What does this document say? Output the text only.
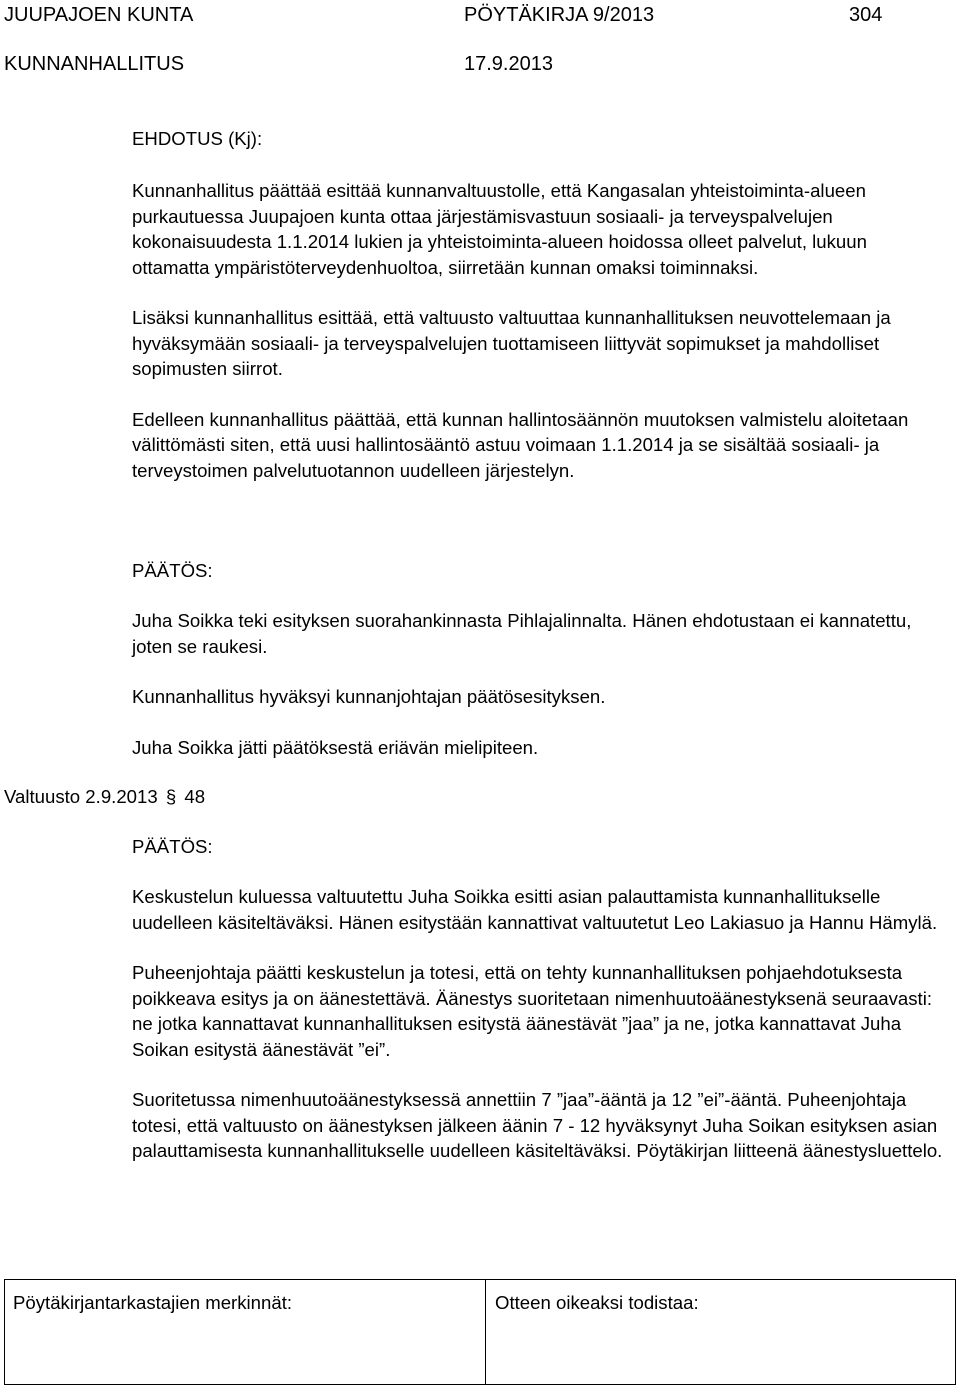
JUUPAJOEN KUNTA	PÖYTÄKIRJA 9/2013	304
KUNNANHALLITUS	17.9.2013
EHDOTUS (Kj):

Kunnanhallitus päättää esittää kunnanvaltuustolle, että Kangasalan yhteistoiminta-alueen purkautuessa Juupajoen kunta ottaa järjestämisvastuun sosiaali- ja terveyspalvelujen kokonaisuudesta 1.1.2014 lukien ja yhteistoiminta-alueen hoidossa olleet palvelut, lukuun ottamatta ympäristöterveydenhuoltoa, siirretään kunnan omaksi toiminnaksi.

Lisäksi kunnanhallitus esittää, että valtuusto valtuuttaa kunnanhallituksen neuvottelemaan ja hyväksymään sosiaali- ja terveyspalvelujen tuottamiseen liittyvät sopimukset ja mahdolliset sopimusten siirrot.

Edelleen kunnanhallitus päättää, että kunnan hallintosäännön muutoksen valmistelu aloitetaan välittömästi siten, että uusi hallintosääntö astuu voimaan 1.1.2014 ja se sisältää sosiaali- ja terveystoimen palvelutuotannon uudelleen järjestelyn.

PÄÄTÖS:

Juha Soikka teki esityksen suorahankinnasta Pihlajalinnalta. Hänen ehdotustaan ei kannatettu, joten se raukesi.

Kunnanhallitus hyväksyi kunnanjohtajan päätösesityksen.

Juha Soikka jätti päätöksestä eriävän mielipiteen.

Valtuusto 2.9.2013 § 48
PÄÄTÖS:

Keskustelun kuluessa valtuutettu Juha Soikka esitti asian palauttamista kunnanhallitukselle uudelleen käsiteltäväksi. Hänen esitystään kannattivat valtuutetut Leo Lakiasuo ja Hannu Hämylä.

Puheenjohtaja päätti keskustelun ja totesi, että on tehty kunnanhallituksen pohjaehdotuksesta poikkeava esitys ja on äänestettävä. Äänestys suoritetaan nimenhuutoäänestyksenä seuraavasti: ne jotka kannattavat kunnanhallituksen esitystä äänestävät ”jaa” ja ne, jotka kannattavat Juha Soikan esitystä äänestävät ”ei”.

Suoritetussa nimenhuutoäänestyksessä annettiin 7 ”jaa”-ääntä ja 12 ”ei”-ääntä. Puheenjohtaja totesi, että valtuusto on äänestyksen jälkeen äänin 7 - 12 hyväksynyt Juha Soikan esityksen asian palauttamisesta kunnanhallitukselle uudelleen käsiteltäväksi. Pöytäkirjan liitteenä äänestysluettelo.

Pöytäkirjantarkastajien merkinnät:	Otteen oikeaksi todistaa:
